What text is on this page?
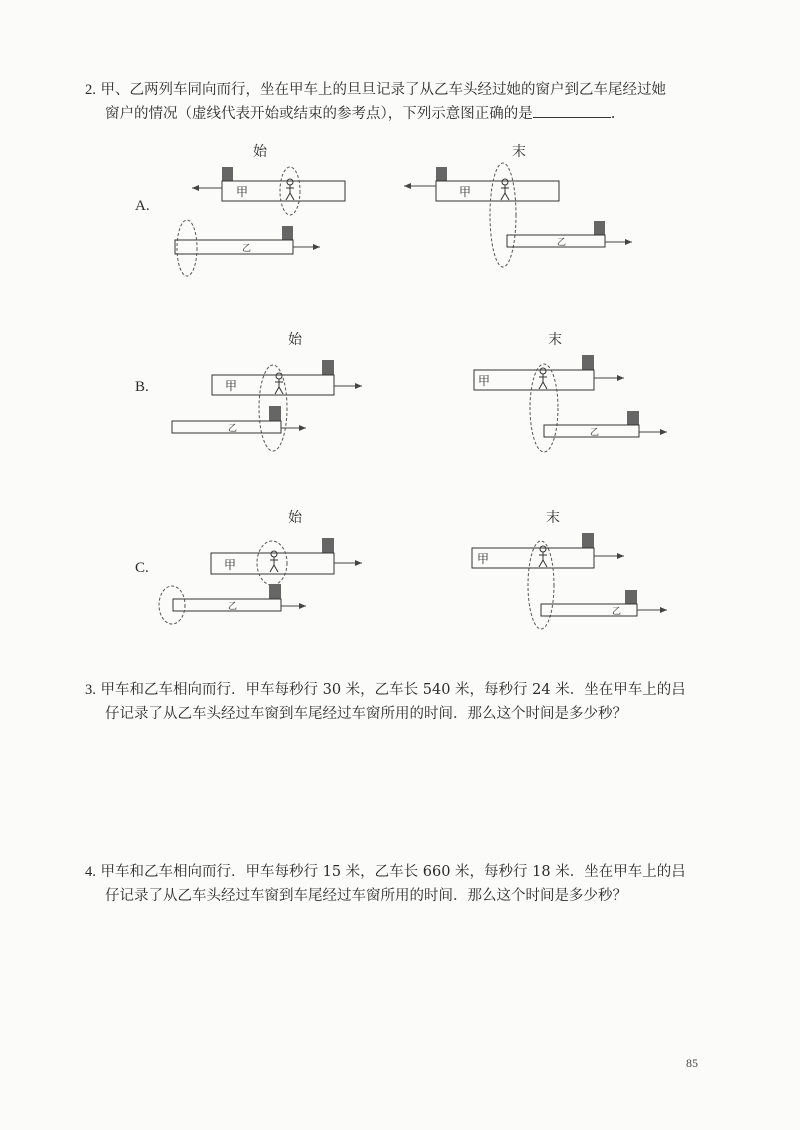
2. 甲、乙两列车同向而行，坐在甲车上的旦旦记录了从乙车头经过她的窗户到乙车尾经过她
窗户的情况（虚线代表开始或结束的参考点），下列示意图正确的是	.
A.
B.
C.
始	末
始	末
始	末
甲
乙
甲
乙
甲
乙
甲
乙
甲
乙
甲
乙
3. 甲车和乙车相向而行．甲车每秒行 30 米，乙车长 540 米，每秒行 24 米．坐在甲车上的吕
仔记录了从乙车头经过车窗到车尾经过车窗所用的时间．那么这个时间是多少秒？
4. 甲车和乙车相向而行．甲车每秒行 15 米，乙车长 660 米，每秒行 18 米．坐在甲车上的吕
仔记录了从乙车头经过车窗到车尾经过车窗所用的时间．那么这个时间是多少秒？
85
